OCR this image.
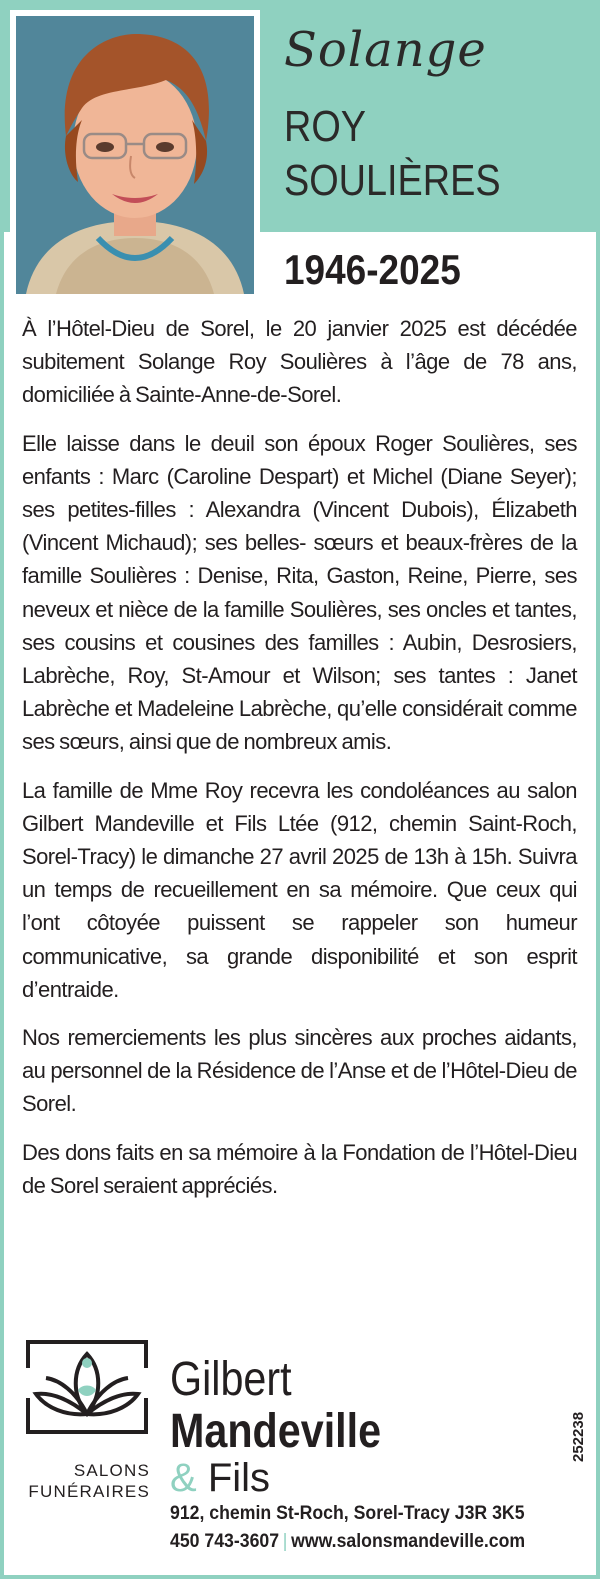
Solange
ROY
SOULIÈRES
1946-2025

À l’Hôtel-Dieu de Sorel, le 20 janvier 2025 est décédée subitement Solange Roy Soulières à l’âge de 78 ans, domiciliée à Sainte-Anne-de-Sorel.

Elle laisse dans le deuil son époux Roger Soulières, ses enfants : Marc (Caroline Despart) et Michel (Diane Seyer); ses petites-filles : Alexandra (Vincent Dubois), Élizabeth (Vincent Michaud); ses belles- sœurs et beaux-frères de la famille Soulières : Denise, Rita, Gaston, Reine, Pierre, ses neveux et nièce de la famille Soulières, ses oncles et tantes, ses cousins et cousines des familles : Aubin, Desrosiers, Labrèche, Roy, St-Amour et Wilson; ses tantes : Janet Labrèche et Madeleine Labrèche, qu’elle considérait comme ses sœurs, ainsi que de nombreux amis.

La famille de Mme Roy recevra les condoléances au salon Gilbert Mandeville et Fils Ltée (912, chemin Saint-Roch, Sorel-Tracy) le dimanche 27 avril 2025 de 13h à 15h. Suivra un temps de recueillement en sa mémoire. Que ceux qui l’ont côtoyée puissent se rappeler son humeur communicative, sa grande disponibilité et son esprit d’entraide.

Nos remerciements les plus sincères aux proches aidants, au personnel de la Résidence de l’Anse et de l’Hôtel-Dieu de Sorel.

Des dons faits en sa mémoire à la Fondation de l’Hôtel-Dieu de Sorel seraient appréciés.

SALONS
FUNÉRAIRES
Gilbert
Mandeville
& Fils
912, chemin St-Roch, Sorel-Tracy J3R 3K5
450 743-3607 | www.salonsmandeville.com
252238
